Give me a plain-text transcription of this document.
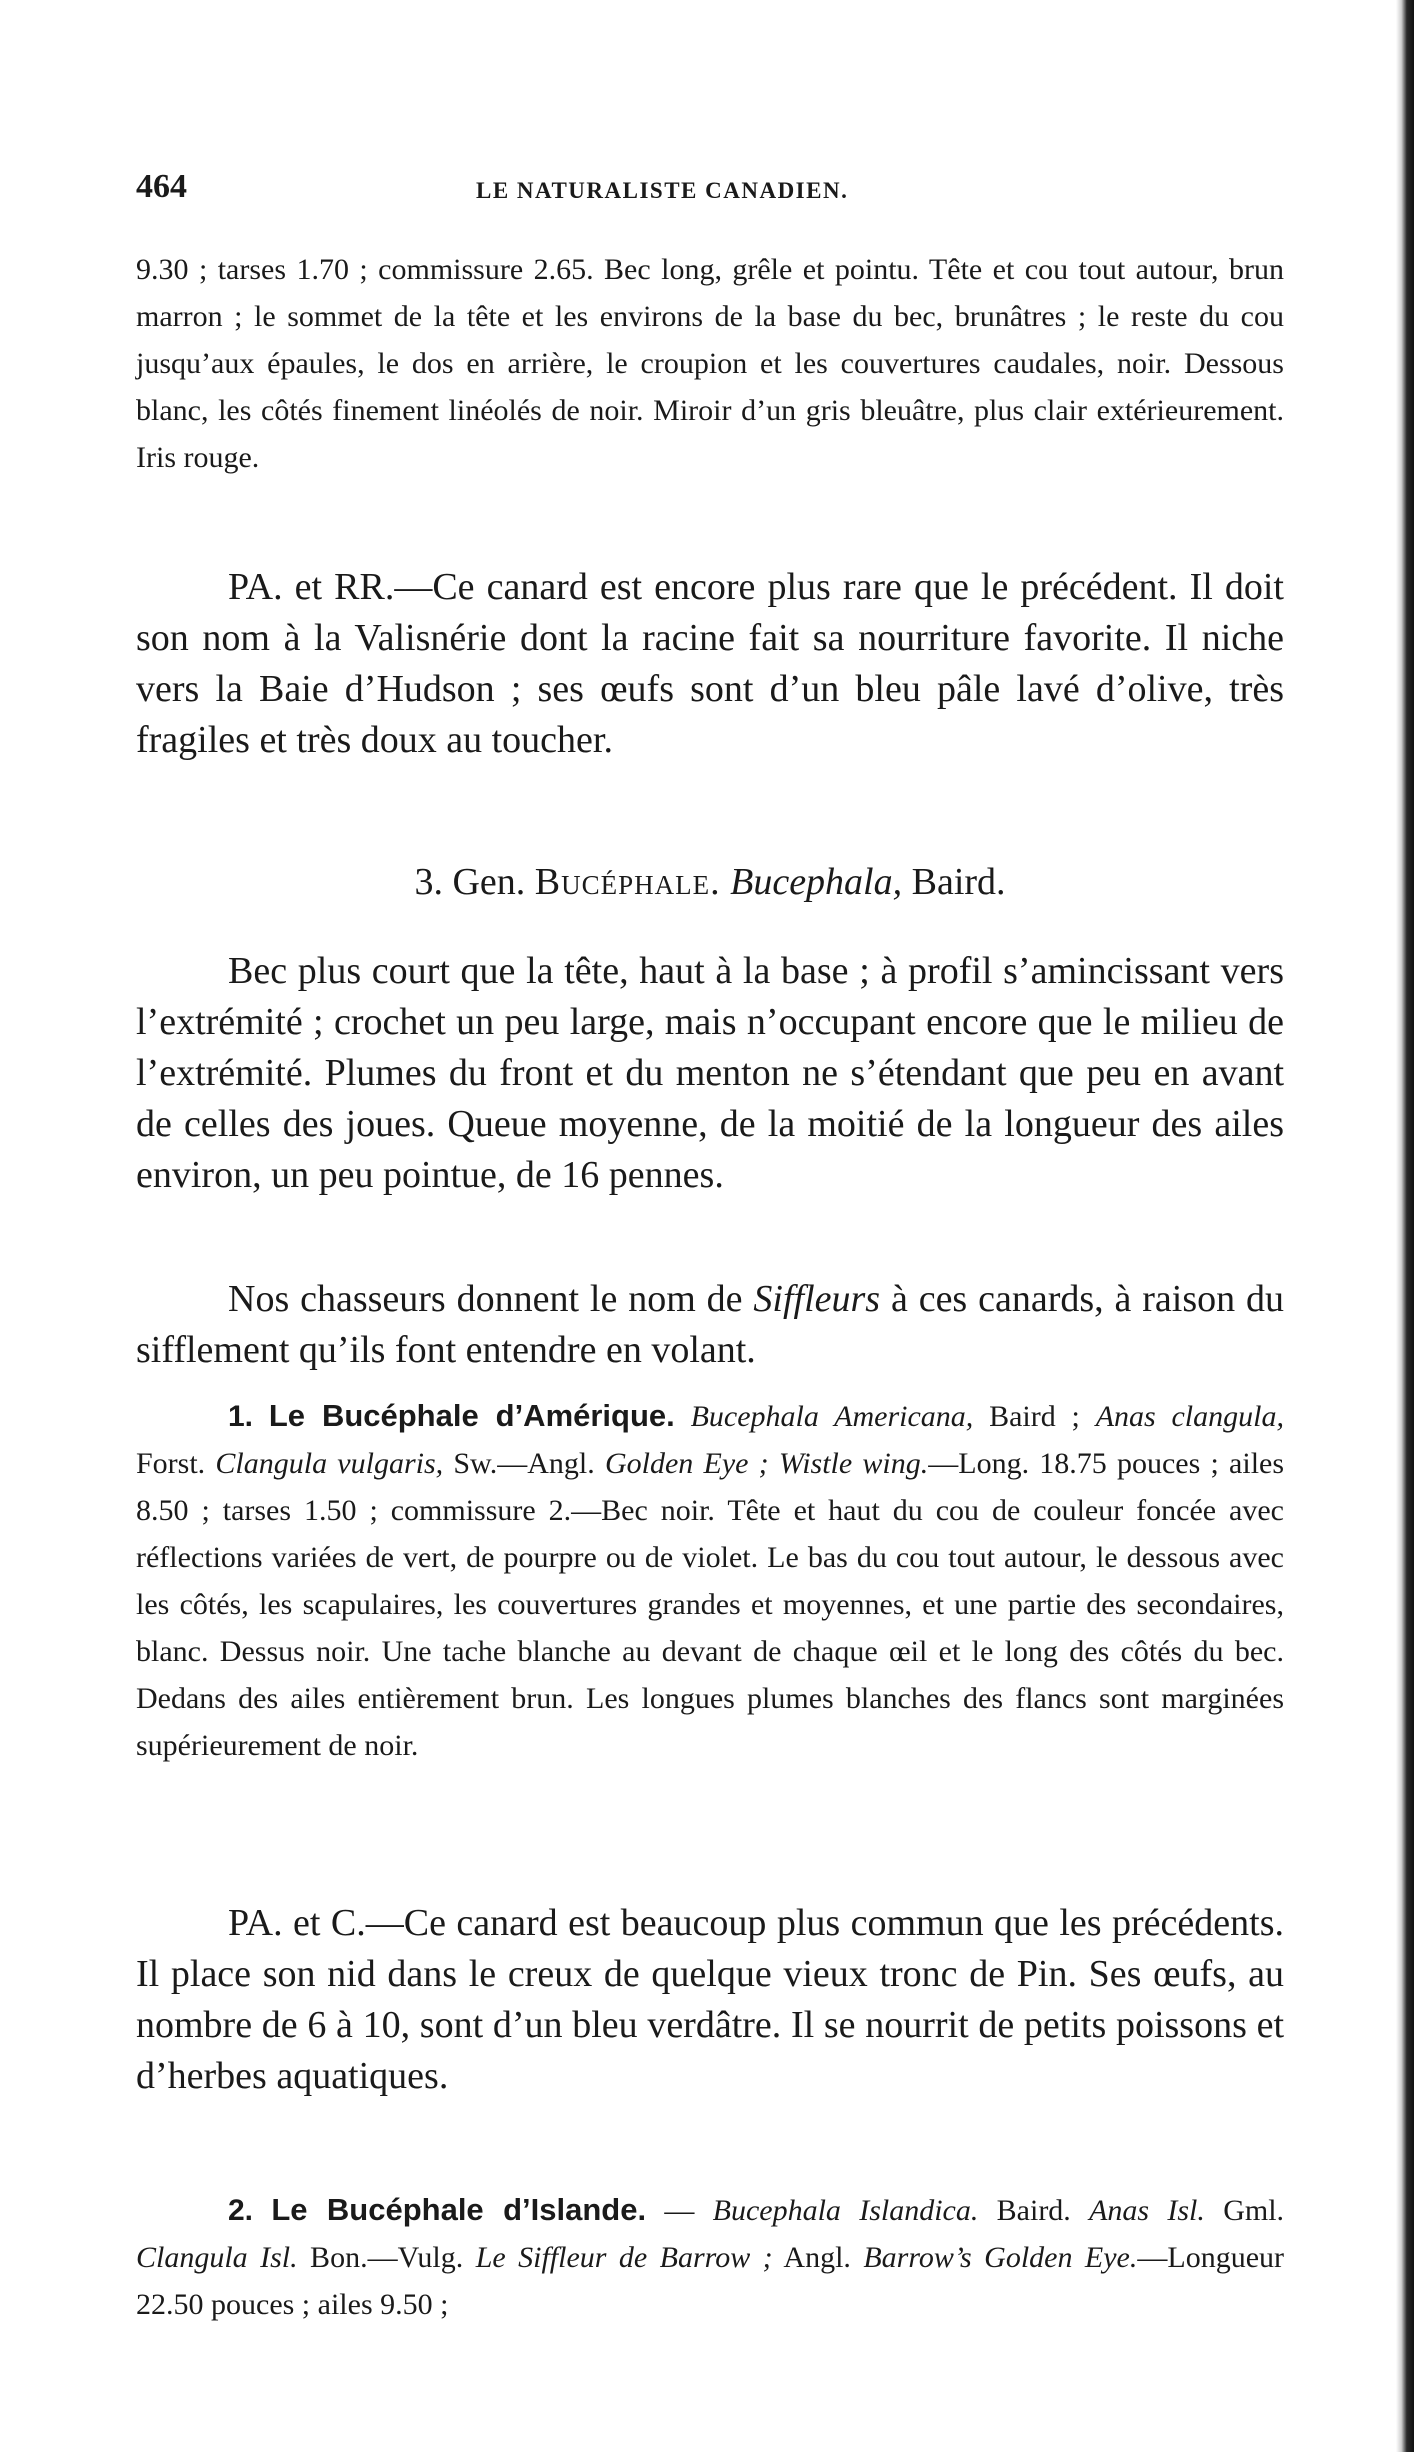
464	LE NATURALISTE CANADIEN.

9.30 ; tarses 1.70 ; commissure 2.65. Bec long, grêle et pointu. Tête et cou tout autour, brun marron ; le sommet de la tête et les environs de la base du bec, brunâtres ; le reste du cou jusqu’aux épaules, le dos en arrière, le croupion et les couvertures caudales, noir. Dessous blanc, les côtés finement linéolés de noir. Miroir d’un gris bleuâtre, plus clair extérieurement. Iris rouge.

PA. et RR.—Ce canard est encore plus rare que le précédent. Il doit son nom à la Valisnérie dont la racine fait sa nourriture favorite. Il niche vers la Baie d’Hudson ; ses œufs sont d’un bleu pâle lavé d’olive, très fragiles et très doux au toucher.

3. Gen. Bucéphale. Bucephala, Baird.

Bec plus court que la tête, haut à la base ; à profil s’amincissant vers l’extrémité ; crochet un peu large, mais n’occupant encore que le milieu de l’extrémité. Plumes du front et du menton ne s’étendant que peu en avant de celles des joues. Queue moyenne, de la moitié de la longueur des ailes environ, un peu pointue, de 16 pennes.

Nos chasseurs donnent le nom de Siffleurs à ces canards, à raison du sifflement qu’ils font entendre en volant.

1. Le Bucéphale d’Amérique. Bucephala Americana, Baird ; Anas clangula, Forst. Clangula vulgaris, Sw.—Angl. Golden Eye ; Wistle wing.—Long. 18.75 pouces ; ailes 8.50 ; tarses 1.50 ; commissure 2.—Bec noir. Tête et haut du cou de couleur foncée avec réflections variées de vert, de pourpre ou de violet. Le bas du cou tout autour, le dessous avec les côtés, les scapulaires, les couvertures grandes et moyennes, et une partie des secondaires, blanc. Dessus noir. Une tache blanche au devant de chaque œil et le long des côtés du bec. Dedans des ailes entièrement brun. Les longues plumes blanches des flancs sont marginées supérieurement de noir.

PA. et C.—Ce canard est beaucoup plus commun que les précédents. Il place son nid dans le creux de quelque vieux tronc de Pin. Ses œufs, au nombre de 6 à 10, sont d’un bleu verdâtre. Il se nourrit de petits poissons et d’herbes aquatiques.

2. Le Bucéphale d’Islande. — Bucephala Islandica. Baird. Anas Isl. Gml. Clangula Isl. Bon.—Vulg. Le Siffleur de Barrow ; Angl. Barrow’s Golden Eye.—Longueur 22.50 pouces ; ailes 9.50 ;
